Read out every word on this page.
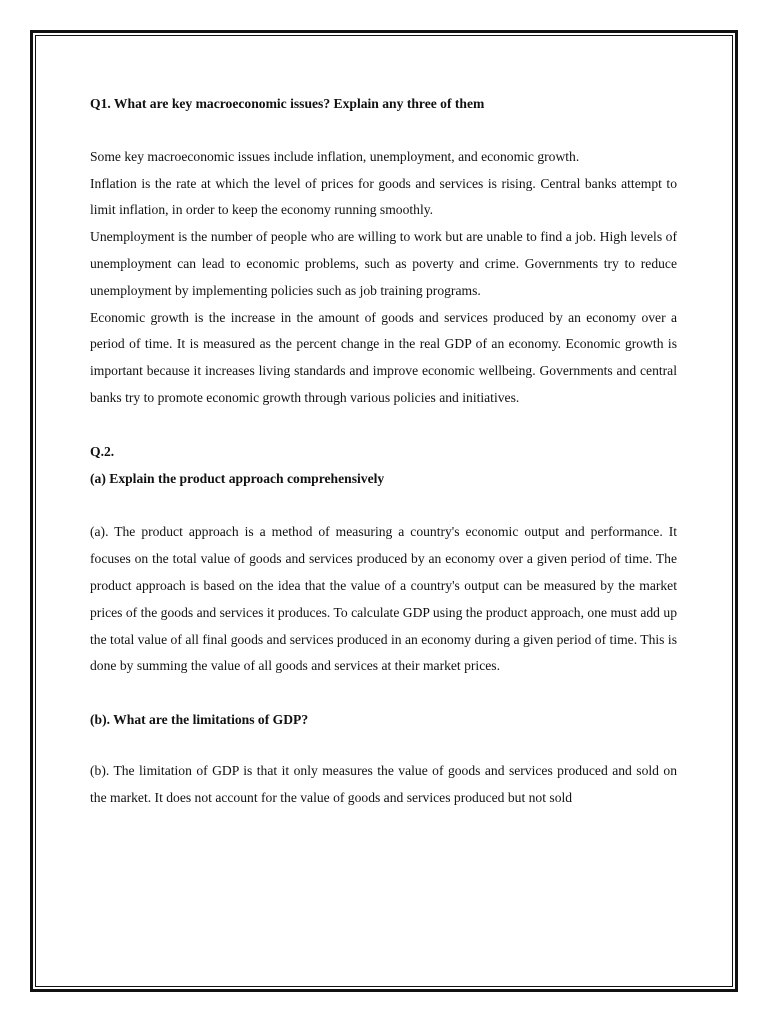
Q1. What are key macroeconomic issues? Explain any three of them

Some key macroeconomic issues include inflation, unemployment, and economic growth.

Inflation is the rate at which the level of prices for goods and services is rising. Central banks attempt to limit inflation, in order to keep the economy running smoothly.

Unemployment is the number of people who are willing to work but are unable to find a job. High levels of unemployment can lead to economic problems, such as poverty and crime. Governments try to reduce unemployment by implementing policies such as job training programs.

Economic growth is the increase in the amount of goods and services produced by an economy over a period of time. It is measured as the percent change in the real GDP of an economy. Economic growth is important because it increases living standards and improve economic wellbeing. Governments and central banks try to promote economic growth through various policies and initiatives.

Q.2.

(a) Explain the product approach comprehensively

(a). The product approach is a method of measuring a country's economic output and performance. It focuses on the total value of goods and services produced by an economy over a given period of time. The product approach is based on the idea that the value of a country's output can be measured by the market prices of the goods and services it produces. To calculate GDP using the product approach, one must add up the total value of all final goods and services produced in an economy during a given period of time. This is done by summing the value of all goods and services at their market prices.

(b). What are the limitations of GDP?

(b). The limitation of GDP is that it only measures the value of goods and services produced and sold on the market. It does not account for the value of goods and services produced but not sold
